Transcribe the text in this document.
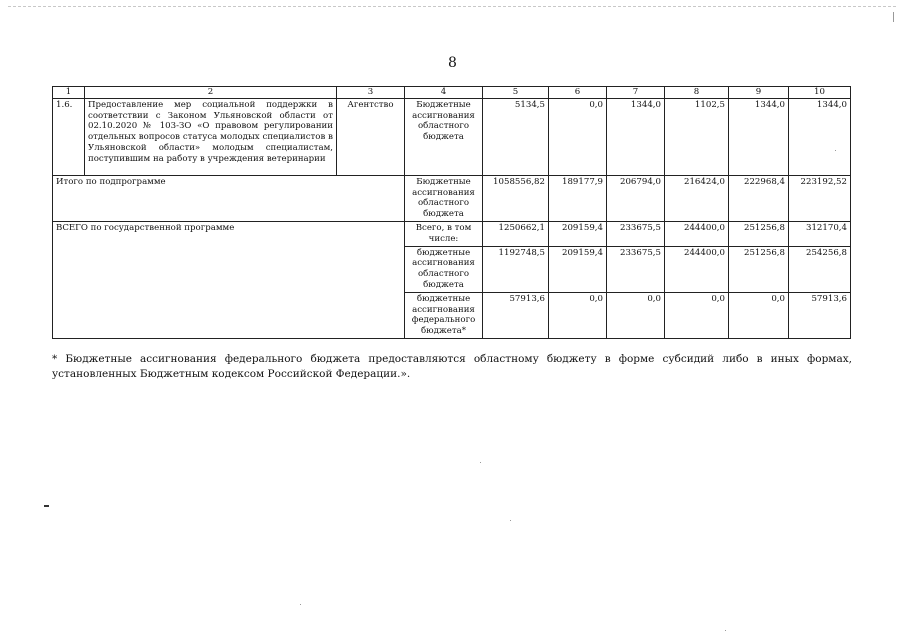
8
1	2	3	4	5	6	7	8	9	10
1.6.	Предоставление мер социальной поддержки в соответствии с Законом Ульяновской области от 02.10.2020 № 103-ЗО «О правовом регулировании отдельных вопросов статуса молодых специалистов в Ульяновской области» молодым специалистам, поступившим на работу в учреждения ветеринарии	Агентство	Бюджетные ассигнования областного бюджета	5134,5	0,0	1344,0	1102,5	1344,0	1344,0
Итого по подпрограмме			Бюджетные ассигнования областного бюджета	1058556,82	189177,9	206794,0	216424,0	222968,4	223192,52
ВСЕГО по государственной программе			Всего, в том числе:	1250662,1	209159,4	233675,5	244400,0	251256,8	312170,4
			бюджетные ассигнования областного бюджета	1192748,5	209159,4	233675,5	244400,0	251256,8	254256,8
			бюджетные ассигнования федерального бюджета*	57913,6	0,0	0,0	0,0	0,0	57913,6

* Бюджетные ассигнования федерального бюджета предоставляются областному бюджету в форме субсидий либо в иных формах, установленных Бюджетным кодексом Российской Федерации.».
